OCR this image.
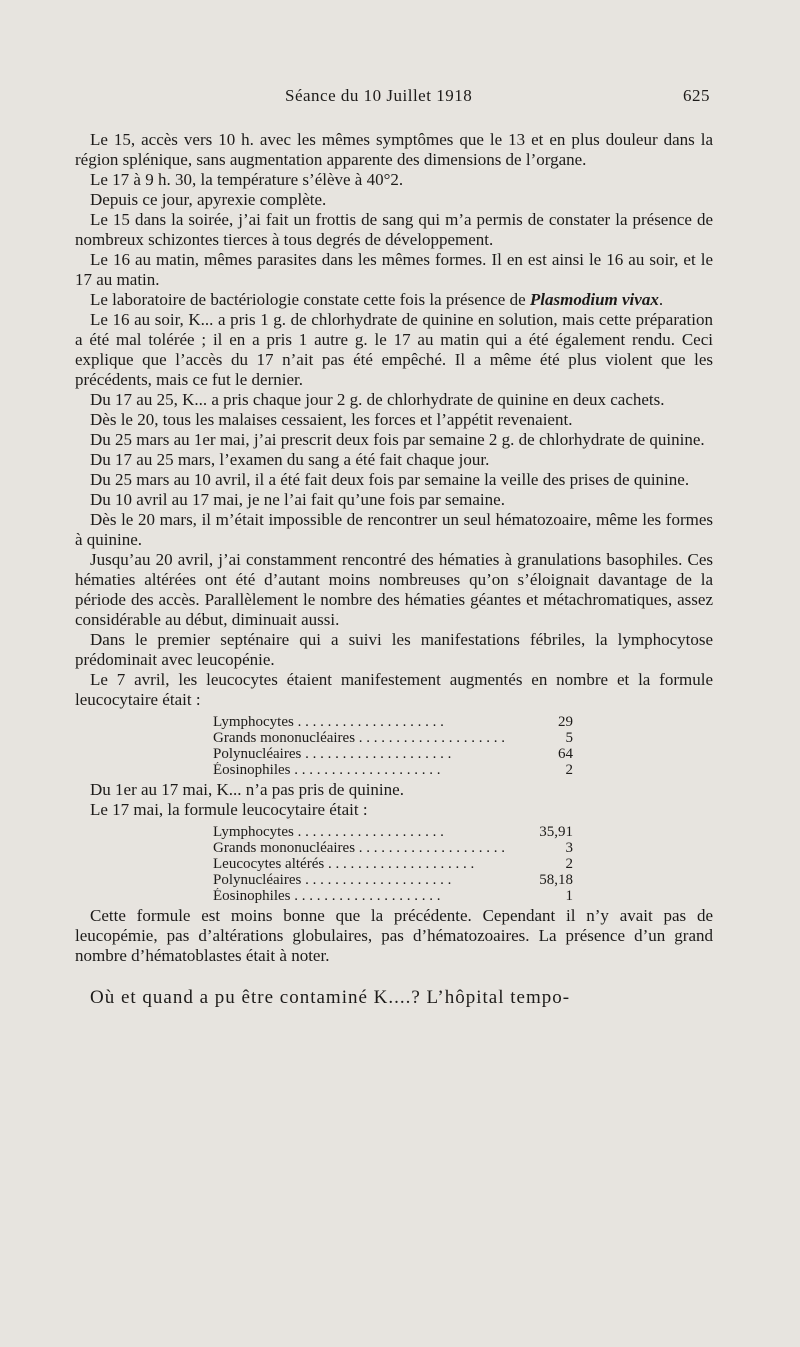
Séance du 10 Juillet 1918	625

Le 15, accès vers 10 h. avec les mêmes symptômes que le 13 et en plus douleur dans la région splénique, sans augmentation apparente des dimensions de l’organe.

Le 17 à 9 h. 30, la température s’élève à 40°2.

Depuis ce jour, apyrexie complète.

Le 15 dans la soirée, j’ai fait un frottis de sang qui m’a permis de constater la présence de nombreux schizontes tierces à tous degrés de développement.

Le 16 au matin, mêmes parasites dans les mêmes formes. Il en est ainsi le 16 au soir, et le 17 au matin.

Le laboratoire de bactériologie constate cette fois la présence de Plasmodium vivax.

Le 16 au soir, K... a pris 1 g. de chlorhydrate de quinine en solution, mais cette préparation a été mal tolérée ; il en a pris 1 autre g. le 17 au matin qui a été également rendu. Ceci explique que l’accès du 17 n’ait pas été empêché. Il a même été plus violent que les précédents, mais ce fut le dernier.

Du 17 au 25, K... a pris chaque jour 2 g. de chlorhydrate de quinine en deux cachets.

Dès le 20, tous les malaises cessaient, les forces et l’appétit revenaient.

Du 25 mars au 1er mai, j’ai prescrit deux fois par semaine 2 g. de chlorhydrate de quinine.

Du 17 au 25 mars, l’examen du sang a été fait chaque jour.

Du 25 mars au 10 avril, il a été fait deux fois par semaine la veille des prises de quinine.

Du 10 avril au 17 mai, je ne l’ai fait qu’une fois par semaine.

Dès le 20 mars, il m’était impossible de rencontrer un seul hématozoaire, même les formes à quinine.

Jusqu’au 20 avril, j’ai constamment rencontré des hématies à granulations basophiles. Ces hématies altérées ont été d’autant moins nombreuses qu’on s’éloignait davantage de la période des accès. Parallèlement le nombre des hématies géantes et métachromatiques, assez considérable au début, diminuait aussi.

Dans le premier septénaire qui a suivi les manifestations fébriles, la lymphocytose prédominait avec leucopénie.

Le 7 avril, les leucocytes étaient manifestement augmentés en nombre et la formule leucocytaire était :

Lymphocytes . . .	29
Grands mononucléaires . . .	5
Polynucléaires . . .	64
Éosinophiles . . .	2

Du 1er au 17 mai, K... n’a pas pris de quinine.

Le 17 mai, la formule leucocytaire était :

Lymphocytes . . .	35,91
Grands mononucléaires . . .	3
Leucocytes altérés . . .	2
Polynucléaires . . .	58,18
Éosinophiles . . .	1

Cette formule est moins bonne que la précédente. Cependant il n’y avait pas de leucopémie, pas d’altérations globulaires, pas d’hématozoaires. La présence d’un grand nombre d’hématoblastes était à noter.

Où et quand a pu être contaminé K....? L’hôpital tempo-
